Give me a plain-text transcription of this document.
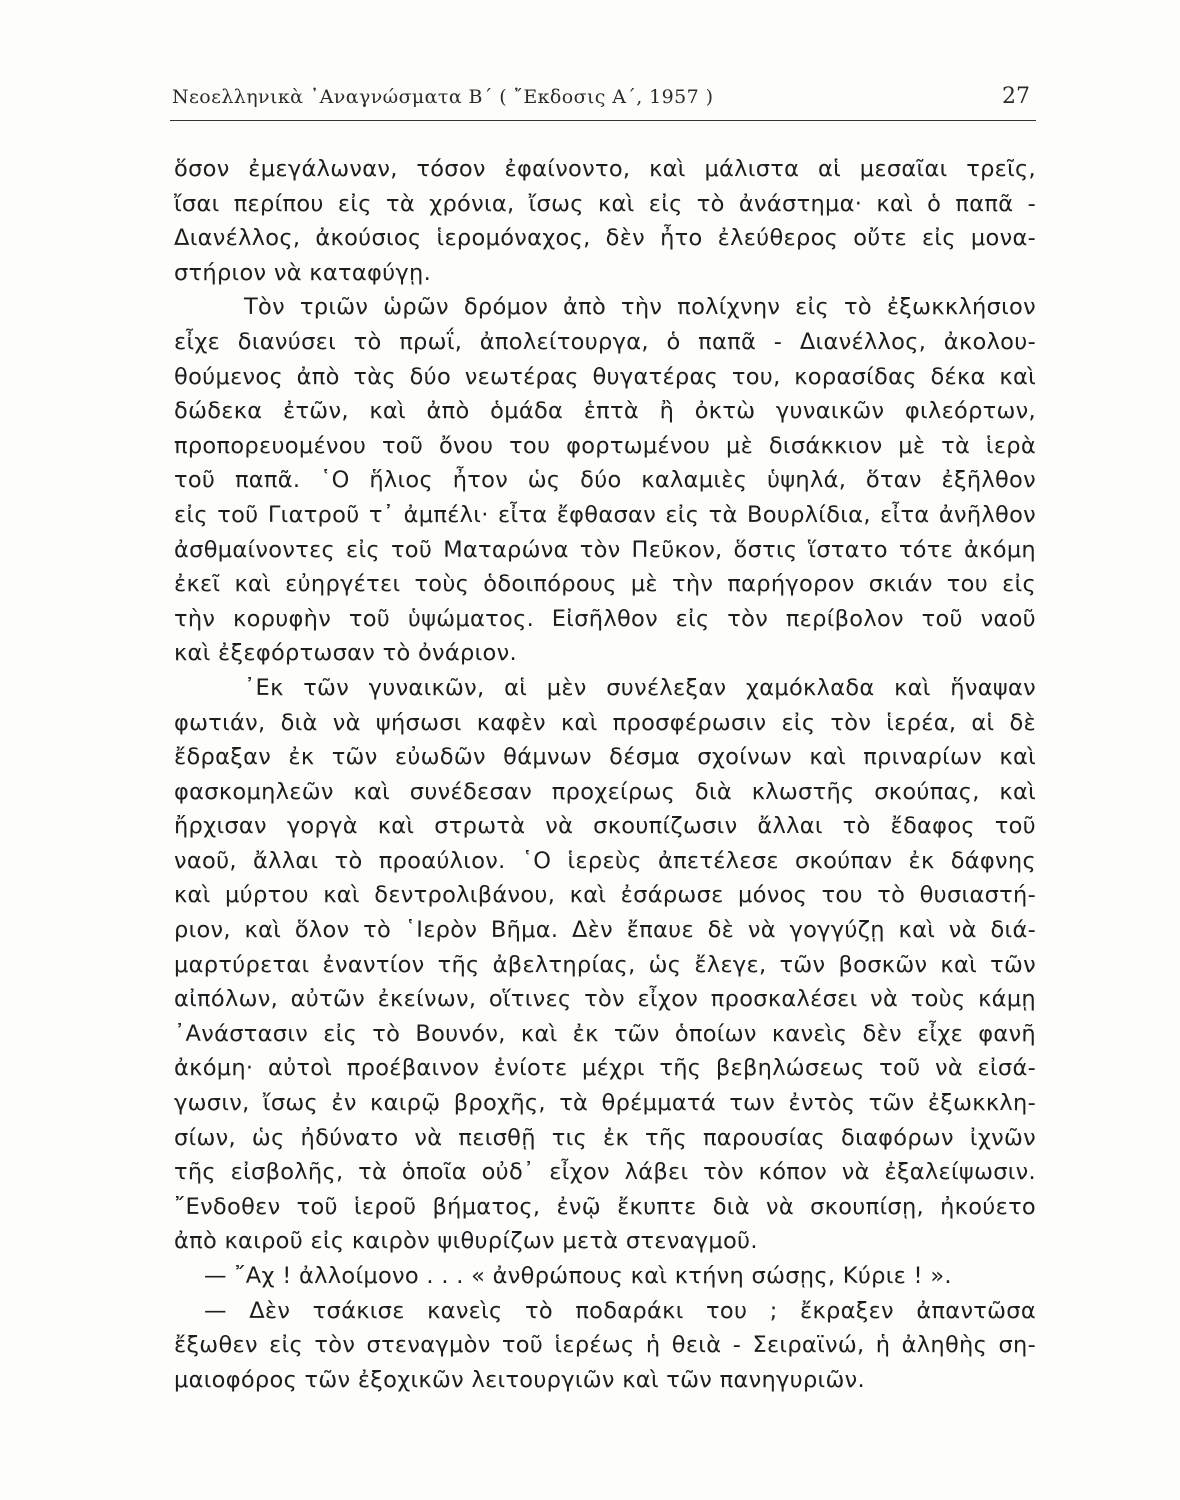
Νεοελληνικὰ ᾿Αναγνώσματα Β΄ ( ῎Εκδοσις Α΄, 1957 )	27
ὅσον ἐμεγάλωναν, τόσον ἐφαίνοντο, καὶ μάλιστα αἱ μεσαῖαι τρεῖς,
ἴσαι περίπου εἰς τὰ χρόνια, ἴσως καὶ εἰς τὸ ἀνάστημα· καὶ ὁ παπᾶ -
Διανέλλος, ἀκούσιος ἱερομόναχος, δὲν ἦτο ἐλεύθερος οὔτε εἰς μονα-
στήριον νὰ καταφύγῃ.
Τὸν τριῶν ὡρῶν δρόμον ἀπὸ τὴν πολίχνην εἰς τὸ ἐξωκκλήσιον
εἶχε διανύσει τὸ πρωΐ, ἀπολείτουργα, ὁ παπᾶ - Διανέλλος, ἀκολου-
θούμενος ἀπὸ τὰς δύο νεωτέρας θυγατέρας του, κορασίδας δέκα καὶ
δώδεκα ἐτῶν, καὶ ἀπὸ ὁμάδα ἑπτὰ ἢ ὀκτὼ γυναικῶν φιλεόρτων,
προπορευομένου τοῦ ὄνου του φορτωμένου μὲ δισάκκιον μὲ τὰ ἱερὰ
τοῦ παπᾶ. ῾Ο ἥλιος ἦτον ὡς δύο καλαμιὲς ὑψηλά, ὅταν ἐξῆλθον
εἰς τοῦ Γιατροῦ τ᾽ ἀμπέλι· εἶτα ἔφθασαν εἰς τὰ Βουρλίδια, εἶτα ἀνῆλθον
ἀσθμαίνοντες εἰς τοῦ Ματαρώνα τὸν Πεῦκον, ὅστις ἵστατο τότε ἀκόμη
ἐκεῖ καὶ εὐηργέτει τοὺς ὁδοιπόρους μὲ τὴν παρήγορον σκιάν του εἰς
τὴν κορυφὴν τοῦ ὑψώματος. Εἰσῆλθον εἰς τὸν περίβολον τοῦ ναοῦ
καὶ ἐξεφόρτωσαν τὸ ὀνάριον.
᾽Εκ τῶν γυναικῶν, αἱ μὲν συνέλεξαν χαμόκλαδα καὶ ἥναψαν
φωτιάν, διὰ νὰ ψήσωσι καφὲν καὶ προσφέρωσιν εἰς τὸν ἱερέα, αἱ δὲ
ἔδραξαν ἐκ τῶν εὐωδῶν θάμνων δέσμα σχοίνων καὶ πριναρίων καὶ
φασκομηλεῶν καὶ συνέδεσαν προχείρως διὰ κλωστῆς σκούπας, καὶ
ἤρχισαν γοργὰ καὶ στρωτὰ νὰ σκουπίζωσιν ἄλλαι τὸ ἔδαφος τοῦ
ναοῦ, ἄλλαι τὸ προαύλιον. ῾Ο ἱερεὺς ἀπετέλεσε σκούπαν ἐκ δάφνης
καὶ μύρτου καὶ δεντρολιβάνου, καὶ ἐσάρωσε μόνος του τὸ θυσιαστή-
ριον, καὶ ὅλον τὸ ῾Ιερὸν Βῆμα. Δὲν ἔπαυε δὲ νὰ γογγύζῃ καὶ νὰ διά-
μαρτύρεται ἐναντίον τῆς ἀβελτηρίας, ὡς ἔλεγε, τῶν βοσκῶν καὶ τῶν
αἰπόλων, αὐτῶν ἐκείνων, οἵτινες τὸν εἶχον προσκαλέσει νὰ τοὺς κάμῃ
᾽Ανάστασιν εἰς τὸ Βουνόν, καὶ ἐκ τῶν ὁποίων κανεὶς δὲν εἶχε φανῆ
ἀκόμη· αὐτοὶ προέβαινον ἐνίοτε μέχρι τῆς βεβηλώσεως τοῦ νὰ εἰσά-
γωσιν, ἴσως ἐν καιρῷ βροχῆς, τὰ θρέμματά των ἐντὸς τῶν ἐξωκκλη-
σίων, ὡς ἠδύνατο νὰ πεισθῇ τις ἐκ τῆς παρουσίας διαφόρων ἰχνῶν
τῆς εἰσβολῆς, τὰ ὁποῖα οὐδ᾽ εἶχον λάβει τὸν κόπον νὰ ἐξαλείψωσιν.
῎Ενδοθεν τοῦ ἱεροῦ βήματος, ἐνῷ ἔκυπτε διὰ νὰ σκουπίσῃ, ἠκούετο
ἀπὸ καιροῦ εἰς καιρὸν ψιθυρίζων μετὰ στεναγμοῦ.
— ῎Αχ ! ἀλλοίμονο . . . « ἀνθρώπους καὶ κτήνη σώσῃς, Κύριε ! ».
— Δὲν τσάκισε κανεὶς τὸ ποδαράκι του ; ἔκραξεν ἀπαντῶσα
ἔξωθεν εἰς τὸν στεναγμὸν τοῦ ἱερέως ἡ θειὰ - Σειραϊνώ, ἡ ἀληθὴς ση-
μαιοφόρος τῶν ἐξοχικῶν λειτουργιῶν καὶ τῶν πανηγυριῶν.
